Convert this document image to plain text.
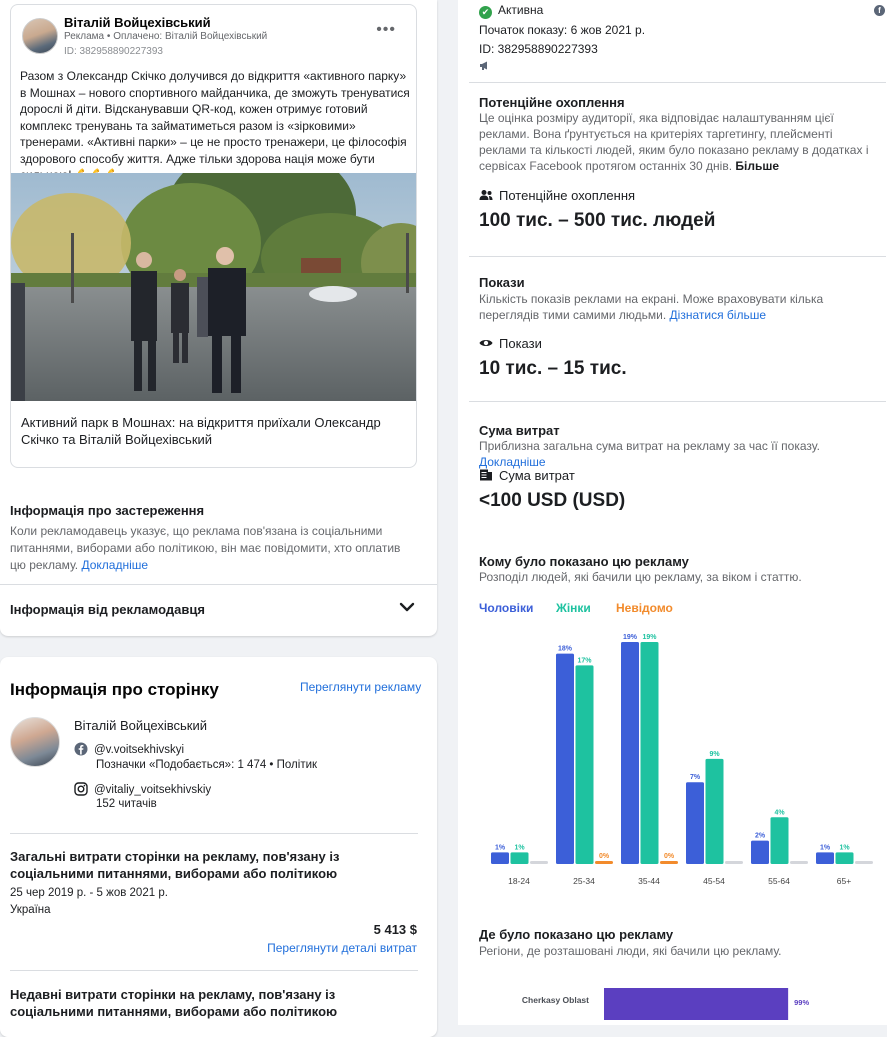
Віталій Войцехівський
Реклама • Оплачено: Віталій Войцехівський
ID: 382958890227393
•••
Разом з Олександр Скічко долучився до відкриття «активного парку» в Мошнах – нового спортивного майданчика, де зможуть тренуватися дорослі й діти. Відсканувавши QR-код, кожен отримує готовий комплекс тренувань та займатиметься разом із «зірковими» тренерами. «Активні парки» – це не просто тренажери, це філософія здорового способу життя. Адже тільки здорова нація може бути
Активний парк в Мошнах: на відкриття приїхали Олександр Скічко та Віталій Войцехівський
Інформація про застереження
Коли рекламодавець указує, що реклама пов'язана із соціальними питаннями, виборами або політикою, він має повідомити, хто оплатив цю рекламу. Докладніше
Інформація від рекламодавця
Інформація про сторінку	Переглянути рекламу
Віталій Войцехівський
@v.voitsekhivskyi
Позначки «Подобається»: 1 474 • Політик
@vitaliy_voitsekhivskiy
152 читачів
Загальні витрати сторінки на рекламу, пов'язану із соціальними питаннями, виборами або політикою
25 чер 2019 р. - 5 жов 2021 р.
Україна
5 413 $
Переглянути деталі витрат
Недавні витрати сторінки на рекламу, пов'язану із соціальними питаннями, виборами або політикою
✔ Активна	f
Початок показу: 6 жов 2021 р.
ID: 382958890227393
Потенційне охоплення
Це оцінка розміру аудиторії, яка відповідає налаштуванням цієї реклами. Вона ґрунтується на критеріях таргетингу, плейсменті реклами та кількості людей, яким було показано рекламу в додатках і сервісах Facebook протягом останніх 30 днів. Більше
Потенційне охоплення
100 тис. – 500 тис. людей
Покази
Кількість показів реклами на екрані. Може враховувати кілька переглядів тими самими людьми. Дізнатися більше
Покази
10 тис. – 15 тис.
Сума витрат
Приблизна загальна сума витрат на рекламу за час її показу. Докладніше
Сума витрат
<100 USD (USD)
Кому було показано цю рекламу
Розподіл людей, які бачили цю рекламу, за віком і статтю.
Чоловіки Жінки Невідомо
1% 1%
18-24
18%
17%
0%
25-34
19% 19%
0%
35-44
7%
9%
45-54
2%
4%
55-64
1% 1%
65+
Де було показано цю рекламу
Регіони, де розташовані люди, які бачили цю рекламу.
Cherkasy Oblast	99%
